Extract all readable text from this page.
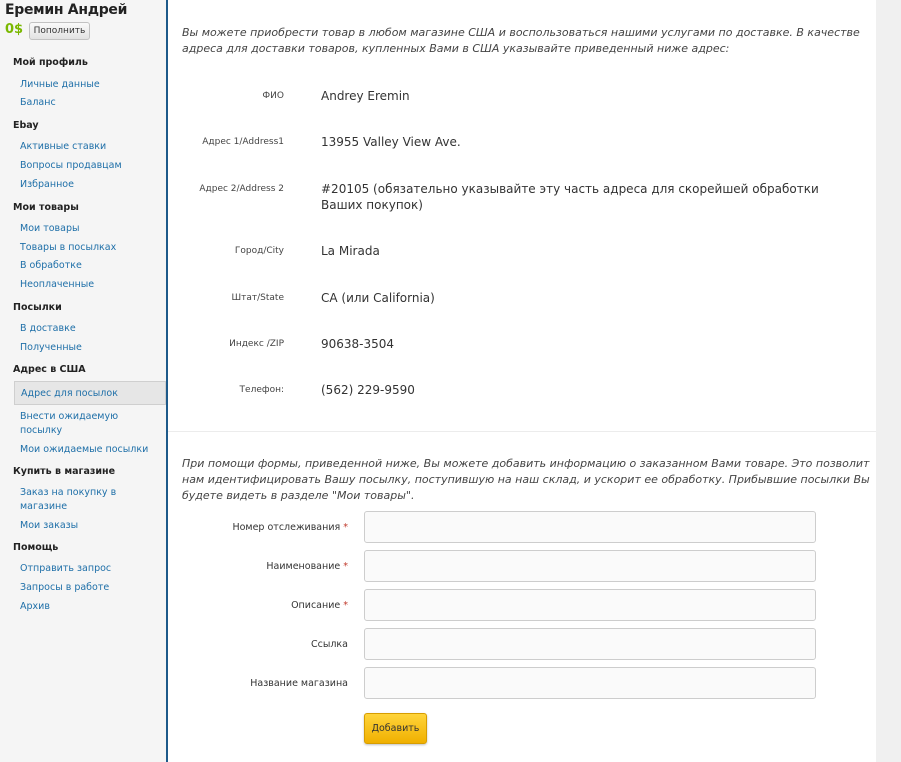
Еремин Андрей
0$	Пополнить
Мой профиль
Личные данные
Баланс
Ebay
Активные ставки
Вопросы продавцам
Избранное
Мои товары
Мои товары
Товары в посылках
В обработке
Неоплаченные
Посылки
В доставке
Полученные
Адрес в США
Адрес для посылок
Внести ожидаемую посылку
Мои ожидаемые посылки
Купить в магазине
Заказ на покупку в магазине
Мои заказы
Помощь
Отправить запрос
Запросы в работе
Архив
Вы можете приобрести товар в любом магазине США и воспользоваться нашими услугами по доставке. В качестве адреса для доставки товаров, купленных Вами в США указывайте приведенный ниже адрес:
ФИО	Andrey Eremin
Адрес 1/Address1	13955 Valley View Ave.
Адрес 2/Address 2	#20105 (обязательно указывайте эту часть адреса для скорейшей обработки Ваших покупок)
Город/City	La Mirada
Штат/State	CA (или California)
Индекс /ZIP	90638-3504
Телефон:	(562) 229-9590
При помощи формы, приведенной ниже, Вы можете добавить информацию о заказанном Вами товаре. Это позволит нам идентифицировать Вашу посылку, поступившую на наш склад, и ускорит ее обработку. Прибывшие посылки Вы будете видеть в разделе "Мои товары".
Номер отслеживания *
Наименование *
Описание *
Ссылка
Название магазина
Добавить
